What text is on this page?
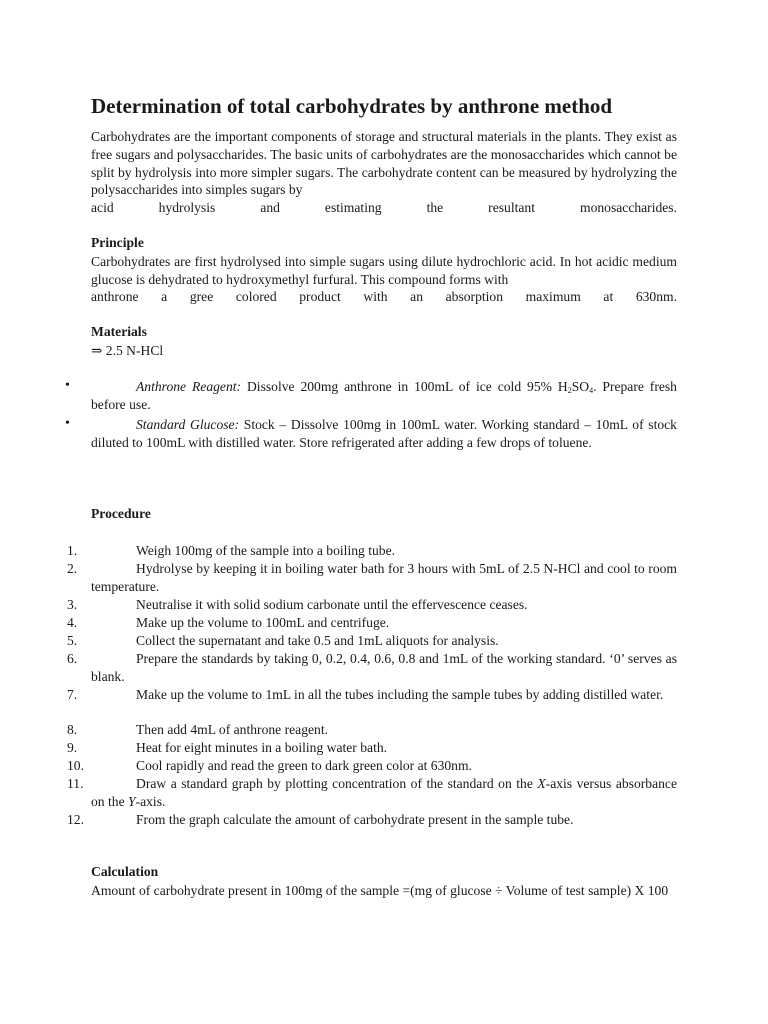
Determination of total carbohydrates by anthrone method
Carbohydrates are the important components of storage and structural materials in the plants. They exist as free sugars and polysaccharides. The basic units of carbohydrates are the monosaccharides which cannot be split by hydrolysis into more simpler sugars. The carbohydrate content can be measured by hydrolyzing the polysaccharides into simples sugars by
acid hydrolysis and estimating the resultant monosaccharides.
Principle
Carbohydrates are first hydrolysed into simple sugars using dilute hydrochloric acid. In hot acidic medium glucose is dehydrated to hydroxymethyl furfural. This compound forms with
anthrone a gree colored product with an absorption maximum at 630nm.
Materials
⇒ 2.5 N-HCl
•	Anthrone Reagent: Dissolve 200mg anthrone in 100mL of ice cold 95% $H_2SO_4$. Prepare fresh before use.
•	Standard Glucose: Stock – Dissolve 100mg in 100mL water. Working standard – 10mL of stock diluted to 100mL with distilled water. Store refrigerated after adding a few drops of toluene.
Procedure
1.	Weigh 100mg of the sample into a boiling tube.
2.	Hydrolyse by keeping it in boiling water bath for 3 hours with 5mL of 2.5 N-HCl and cool to room temperature.
3.	Neutralise it with solid sodium carbonate until the effervescence ceases.
4.	Make up the volume to 100mL and centrifuge.
5.	Collect the supernatant and take 0.5 and 1mL aliquots for analysis.
6.	Prepare the standards by taking 0, 0.2, 0.4, 0.6, 0.8 and 1mL of the working standard. ‘0’ serves as blank.
7.	Make up the volume to 1mL in all the tubes including the sample tubes by adding distilled water.
8.	Then add 4mL of anthrone reagent.
9.	Heat for eight minutes in a boiling water bath.
10.	Cool rapidly and read the green to dark green color at 630nm.
11.	Draw a standard graph by plotting concentration of the standard on the X-axis versus absorbance on the Y-axis.
12.	From the graph calculate the amount of carbohydrate present in the sample tube.
Calculation
Amount of carbohydrate present in 100mg of the sample =(mg of glucose ÷ Volume of test sample) X 100
